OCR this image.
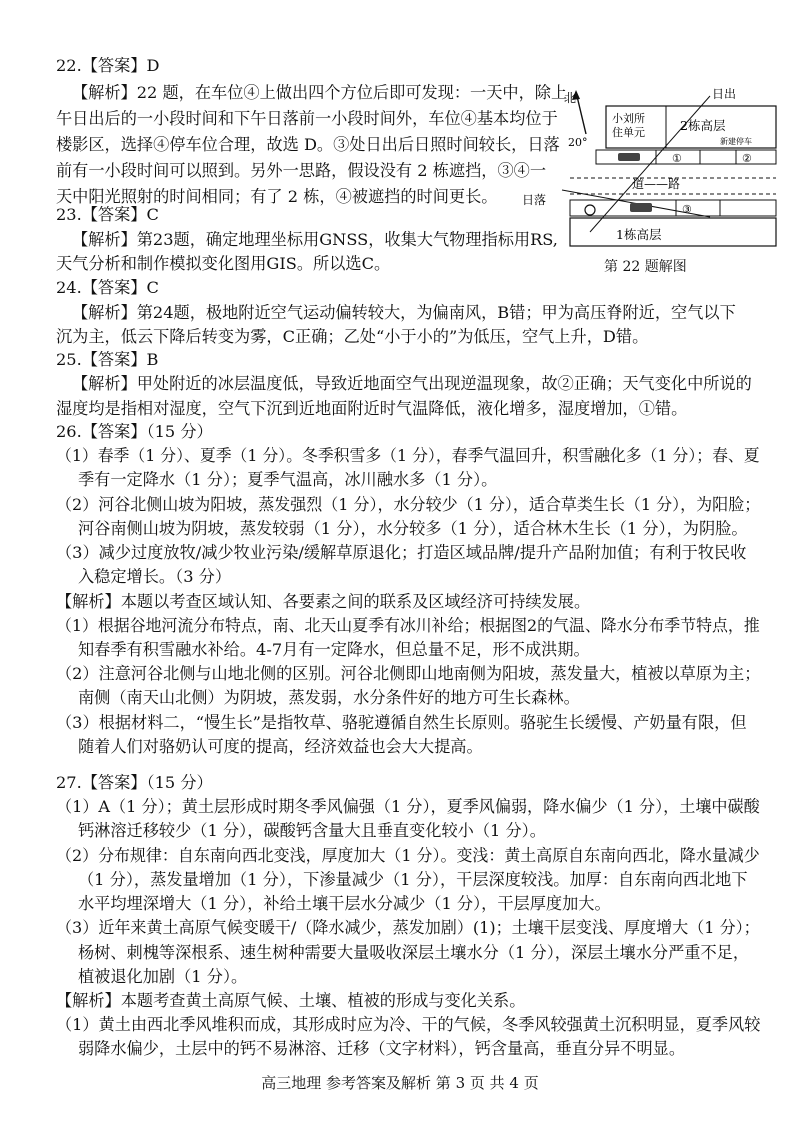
22.【答案】D
【解析】22 题，在车位④上做出四个方位后即可发现：一天中，除上
午日出后的一小段时间和下午日落前一小段时间外，车位④基本均位于
楼影区，选择④停车位合理，故选 D。③处日出后日照时间较长，日落
前有一小段时间可以照到。另外一思路，假设没有 2 栋遮挡，③④一
天中阳光照射的时间相同；有了 2 栋，④被遮挡的时间更长。
23.【答案】C
【解析】第23题，确定地理坐标用GNSS，收集大气物理指标用RS,
天气分析和制作模拟变化图用GIS。所以选C。
24.【答案】C
【解析】第24题，极地附近空气运动偏转较大，为偏南风，B错；甲为高压脊附近，空气以下
沉为主，低云下降后转变为雾，C正确；乙处“小于小的”为低压，空气上升，D错。
25.【答案】B
【解析】甲处附近的冰层温度低，导致近地面空气出现逆温现象，故②正确；天气变化中所说的
湿度均是指相对湿度，空气下沉到近地面附近时气温降低，液化增多，湿度增加，①错。
26.【答案】（15 分）
（1）春季（1 分）、夏季（1 分）。冬季积雪多（1 分），春季气温回升，积雪融化多（1 分）；春、夏
季有一定降水（1 分）；夏季气温高，冰川融水多（1 分）。
（2）河谷北侧山坡为阳坡，蒸发强烈（1 分），水分较少（1 分），适合草类生长（1 分），为阳脸；
河谷南侧山坡为阴坡，蒸发较弱（1 分），水分较多（1 分），适合林木生长（1 分），为阴脸。
（3）减少过度放牧/减少牧业污染/缓解草原退化；打造区域品牌/提升产品附加值；有利于牧民收
入稳定增长。（3 分）
【解析】本题以考查区域认知、各要素之间的联系及区域经济可持续发展。
（1）根据谷地河流分布特点，南、北天山夏季有冰川补给；根据图2的气温、降水分布季节特点，推
知春季有积雪融水补给。4-7月有一定降水，但总量不足，形不成洪期。
（2）注意河谷北侧与山地北侧的区别。河谷北侧即山地南侧为阳坡，蒸发量大，植被以草原为主；
南侧（南天山北侧）为阴坡，蒸发弱，水分条件好的地方可生长森林。
（3）根据材料二，“慢生长”是指牧草、骆驼遵循自然生长原则。骆驼生长缓慢、产奶量有限，但
随着人们对骆奶认可度的提高，经济效益也会大大提高。
27.【答案】（15 分）
（1）A（1 分）；黄土层形成时期冬季风偏强（1 分），夏季风偏弱，降水偏少（1 分），土壤中碳酸
钙淋溶迁移较少（1 分），碳酸钙含量大且垂直变化较小（1 分）。
（2）分布规律：自东南向西北变浅，厚度加大（1 分）。变浅：黄土高原自东南向西北，降水量减少
（1 分），蒸发量增加（1 分），下渗量减少（1 分），干层深度较浅。加厚：自东南向西北地下
水平均埋深增大（1 分），补给土壤干层水分减少（1 分），干层厚度加大。
（3）近年来黄土高原气候变暖干/（降水减少，蒸发加剧）(1)；土壤干层变浅、厚度增大（1 分）；
杨树、刺槐等深根系、速生树种需要大量吸收深层土壤水分（1 分），深层土壤水分严重不足，
植被退化加剧（1 分）。
【解析】本题考查黄土高原气候、土壤、植被的形成与变化关系。
（1）黄土由西北季风堆积而成，其形成时应为冷、干的气候，冬季风较强黄土沉积明显，夏季风较
弱降水偏少，土层中的钙不易淋溶、迁移（文字材料），钙含量高，垂直分异不明显。
北
20°
日出
小刘所
住单元	2栋高层
新建停车
①	②
道——路
日落
③
1栋高层
第 22 题解图
高三地理 参考答案及解析 第 3 页 共 4 页
